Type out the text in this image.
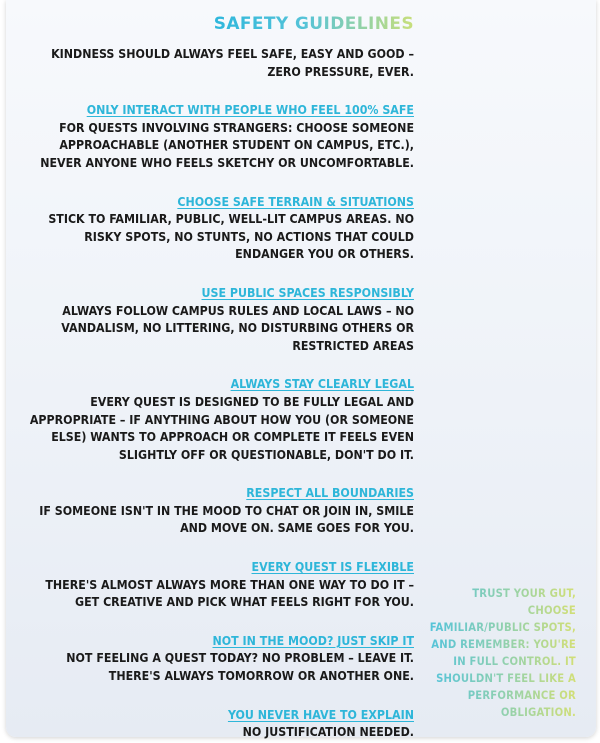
SAFETY GUIDELINES
KINDNESS SHOULD ALWAYS FEEL SAFE, EASY AND GOOD – ZERO PRESSURE, EVER.
ONLY INTERACT WITH PEOPLE WHO FEEL 100% SAFE
FOR QUESTS INVOLVING STRANGERS: CHOOSE SOMEONE APPROACHABLE (ANOTHER STUDENT ON CAMPUS, ETC.), NEVER ANYONE WHO FEELS SKETCHY OR UNCOMFORTABLE.
CHOOSE SAFE TERRAIN & SITUATIONS
STICK TO FAMILIAR, PUBLIC, WELL-LIT CAMPUS AREAS. NO RISKY SPOTS, NO STUNTS, NO ACTIONS THAT COULD ENDANGER YOU OR OTHERS.
USE PUBLIC SPACES RESPONSIBLY
ALWAYS FOLLOW CAMPUS RULES AND LOCAL LAWS – NO VANDALISM, NO LITTERING, NO DISTURBING OTHERS OR RESTRICTED AREAS
ALWAYS STAY CLEARLY LEGAL
EVERY QUEST IS DESIGNED TO BE FULLY LEGAL AND APPROPRIATE – IF ANYTHING ABOUT HOW YOU (OR SOMEONE ELSE) WANTS TO APPROACH OR COMPLETE IT FEELS EVEN SLIGHTLY OFF OR QUESTIONABLE, DON'T DO IT.
RESPECT ALL BOUNDARIES
IF SOMEONE ISN'T IN THE MOOD TO CHAT OR JOIN IN, SMILE AND MOVE ON. SAME GOES FOR YOU.
EVERY QUEST IS FLEXIBLE
THERE'S ALMOST ALWAYS MORE THAN ONE WAY TO DO IT – GET CREATIVE AND PICK WHAT FEELS RIGHT FOR YOU.
NOT IN THE MOOD? JUST SKIP IT
NOT FEELING A QUEST TODAY? NO PROBLEM – LEAVE IT. THERE'S ALWAYS TOMORROW OR ANOTHER ONE.
YOU NEVER HAVE TO EXPLAIN
NO JUSTIFICATION NEEDED.
TRUST YOUR GUT, CHOOSE FAMILIAR/PUBLIC SPOTS, AND REMEMBER: YOU'RE IN FULL CONTROL. IT SHOULDN'T FEEL LIKE A PERFORMANCE OR OBLIGATION.
